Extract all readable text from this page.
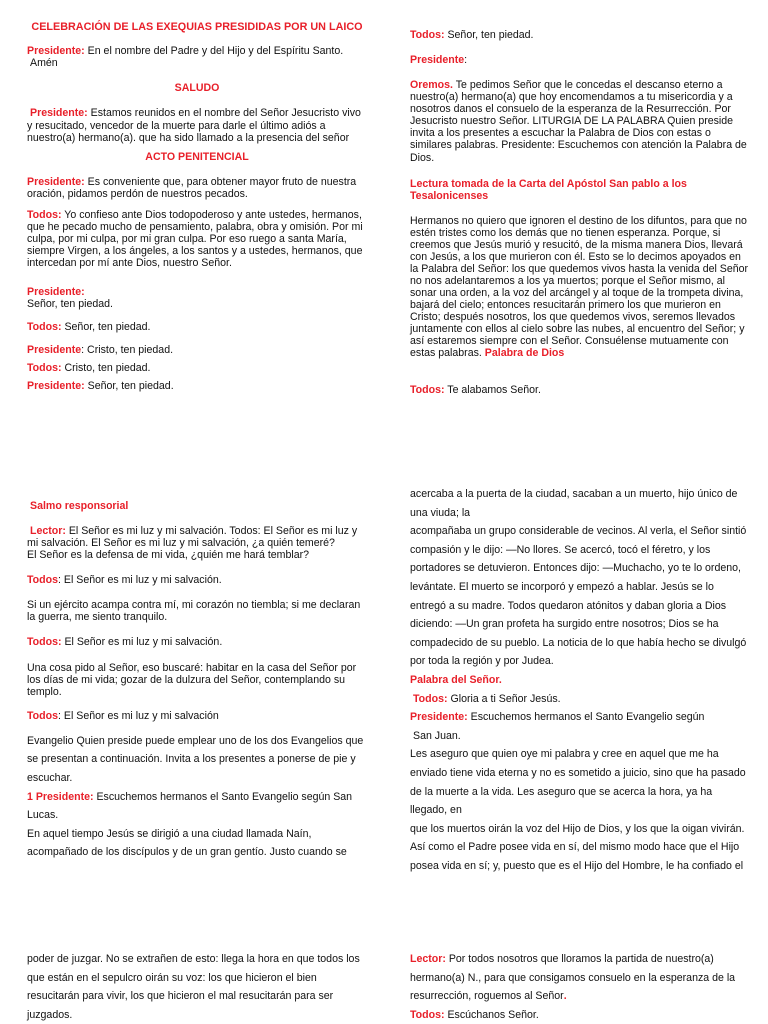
CELEBRACIÓN DE LAS EXEQUIAS PRESIDIDAS POR UN LAICO

Presidente: En el nombre del Padre y del Hijo y del Espíritu Santo.
Amén

SALUDO

Presidente: Estamos reunidos en el nombre del Señor Jesucristo vivo y resucitado, vencedor de la muerte para darle el último adiós a nuestro(a) hermano(a). que ha sido llamado a la presencia del señor

ACTO PENITENCIAL

Presidente: Es conveniente que, para obtener mayor fruto de nuestra oración, pidamos perdón de nuestros pecados.

Todos: Yo confieso ante Dios todopoderoso y ante ustedes, hermanos, que he pecado mucho de pensamiento, palabra, obra y omisión. Por mi culpa, por mi culpa, por mi gran culpa. Por eso ruego a santa María, siempre Virgen, a los ángeles, a los santos y a ustedes, hermanos, que intercedan por mí ante Dios, nuestro Señor.

Presidente:
Señor, ten piedad.

Todos: Señor, ten piedad.

Presidente: Cristo, ten piedad.

Todos: Cristo, ten piedad.

Presidente: Señor, ten piedad.

Todos: Señor, ten piedad.

Presidente:

Oremos. Te pedimos Señor que le concedas el descanso eterno a nuestro(a) hermano(a) que hoy encomendamos a tu misericordia y a nosotros danos el consuelo de la esperanza de la Resurrección. Por Jesucristo nuestro Señor. LITURGIA DE LA PALABRA Quien preside invita a los presentes a escuchar la Palabra de Dios con estas o similares palabras. Presidente: Escuchemos con atención la Palabra de Dios.

Lectura tomada de la Carta del Apóstol San pablo a los Tesalonicenses

Hermanos no quiero que ignoren el destino de los difuntos, para que no estén tristes como los demás que no tienen esperanza. Porque, si creemos que Jesús murió y resucitó, de la misma manera Dios, llevará con Jesús, a los que murieron con él. Esto se lo decimos apoyados en la Palabra del Señor: los que quedemos vivos hasta la venida del Señor no nos adelantaremos a los ya muertos; porque el Señor mismo, al sonar una orden, a la voz del arcángel y al toque de la trompeta divina, bajará del cielo; entonces resucitarán primero los que murieron en Cristo; después nosotros, los que quedemos vivos, seremos llevados juntamente con ellos al cielo sobre las nubes, al encuentro del Señor; y así estaremos siempre con el Señor. Consuélense mutuamente con estas palabras. Palabra de Dios

Todos: Te alabamos Señor.

Salmo responsorial

Lector: El Señor es mi luz y mi salvación. Todos: El Señor es mi luz y mi salvación. El Señor es mi luz y mi salvación, ¿a quién temeré?
El Señor es la defensa de mi vida, ¿quién me hará temblar?

Todos: El Señor es mi luz y mi salvación.

Si un ejército acampa contra mí, mi corazón no tiembla; si me declaran la guerra, me siento tranquilo.

Todos: El Señor es mi luz y mi salvación.

Una cosa pido al Señor, eso buscaré: habitar en la casa del Señor por los días de mi vida; gozar de la dulzura del Señor, contemplando su templo.

Todos: El Señor es mi luz y mi salvación

Evangelio Quien preside puede emplear uno de los dos Evangelios que se presentan a continuación. Invita a los presentes a ponerse de pie y escuchar.
1 Presidente: Escuchemos hermanos el Santo Evangelio según San Lucas.
En aquel tiempo Jesús se dirigió a una ciudad llamada Naín, acompañado de los discípulos y de un gran gentío. Justo cuando se

acercaba a la puerta de la ciudad, sacaban a un muerto, hijo único de una viuda; la
acompañaba un grupo considerable de vecinos. Al verla, el Señor sintió compasión y le dijo: —No llores. Se acercó, tocó el féretro, y los portadores se detuvieron. Entonces dijo: —Muchacho, yo te lo ordeno,
levántate. El muerto se incorporó y empezó a hablar. Jesús se lo entregó a su madre. Todos quedaron atónitos y daban gloria a Dios diciendo: —Un gran profeta ha surgido entre nosotros; Dios se ha compadecido de su pueblo. La noticia de lo que había hecho se divulgó por toda la región y por Judea.
Palabra del Señor.
Todos: Gloria a ti Señor Jesús.
Presidente: Escuchemos hermanos el Santo Evangelio según
San Juan.
Les aseguro que quien oye mi palabra y cree en aquel que me ha enviado tiene vida eterna y no es sometido a juicio, sino que ha pasado de la muerte a la vida. Les aseguro que se acerca la hora, ya ha llegado, en
que los muertos oirán la voz del Hijo de Dios, y los que la oigan vivirán. Así como el Padre posee vida en sí, del mismo modo hace que el Hijo posea vida en sí; y, puesto que es el Hijo del Hombre, le ha confiado el

poder de juzgar. No se extrañen de esto: llega la hora en que todos los que están en el sepulcro oirán su voz: los que hicieron el bien resucitarán para vivir, los que hicieron el mal resucitarán para ser juzgados.

Lector: Por todos nosotros que lloramos la partida de nuestro(a) hermano(a) N., para que consigamos consuelo en la esperanza de la resurrección, roguemos al Señor.
Todos: Escúchanos Señor.
